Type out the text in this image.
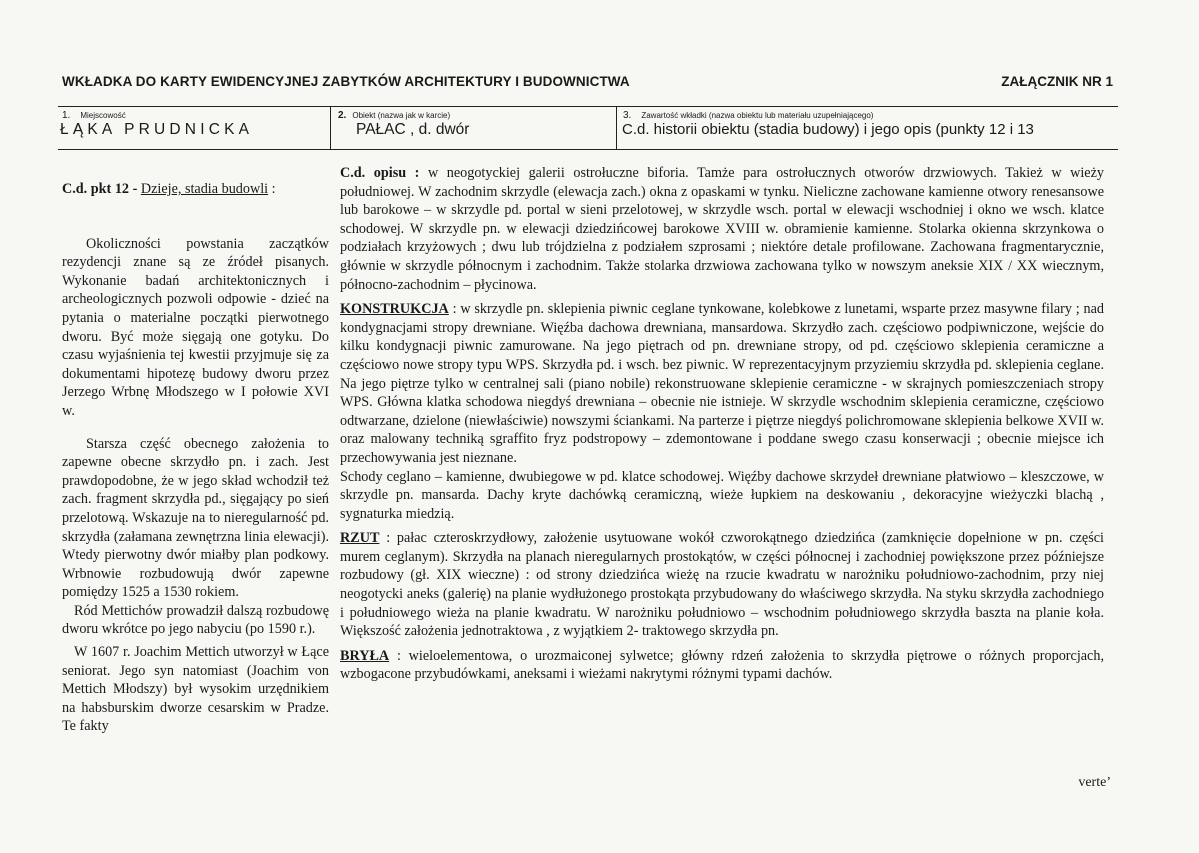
WKŁADKA DO KARTY EWIDENCYJNEJ ZABYTKÓW ARCHITEKTURY I BUDOWNICTWA	ZAŁĄCZNIK NR 1
1. Miejscowość
ŁĄKA PRUDNICKA
2. Obiekt (nazwa jak w karcie)
PAŁAC , d. dwór
3. Zawartość wkładki (nazwa obiektu lub materiału uzupełniającego)
C.d. historii obiektu (stadia budowy) i jego opis (punkty 12 i 13

C.d. pkt 12 - Dzieje, stadia budowli :

Okoliczności powstania zaczątków rezydencji znane są ze źródeł pisanych. Wykonanie badań architektonicznych i archeologicznych pozwoli odpowie - dzieć na pytania o materialne początki pierwotnego dworu. Być może sięgają one gotyku. Do czasu wyjaśnienia tej kwestii przyjmuje się za dokumentami hipotezę budowy dworu przez Jerzego Wrbnę Młodszego w I połowie XVI w.

Starsza część obecnego założenia to zapewne obecne skrzydło pn. i zach. Jest prawdopodobne, że w jego skład wchodził też zach. fragment skrzydła pd., sięgający po sień przelotową. Wskazuje na to nieregularność pd. skrzydła (załamana zewnętrzna linia elewacji). Wtedy pierwotny dwór miałby plan podkowy. Wrbnowie rozbudowują dwór zapewne pomiędzy 1525 a 1530 rokiem.

Ród Mettichów prowadził dalszą rozbudowę dworu wkrótce po jego nabyciu (po 1590 r.).

W 1607 r. Joachim Mettich utworzył w Łące seniorat. Jego syn natomiast (Joachim von Mettich Młodszy) był wysokim urzędnikiem na habsburskim dworze cesarskim w Pradze. Te fakty

C.d. opisu : w neogotyckiej galerii ostrołuczne biforia. Tamże para ostrołucznych otworów drzwiowych. Takież w wieży południowej. W zachodnim skrzydle (elewacja zach.) okna z opaskami w tynku. Nieliczne zachowane kamienne otwory renesansowe lub barokowe – w skrzydle pd. portal w sieni przelotowej, w skrzydle wsch. portal w elewacji wschodniej i okno we wsch. klatce schodowej. W skrzydle pn. w elewacji dziedzińcowej barokowe XVIII w. obramienie kamienne. Stolarka okienna skrzynkowa o podziałach krzyżowych ; dwu lub trójdzielna z podziałem szprosami ; niektóre detale profilowane. Zachowana fragmentarycznie, głównie w skrzydle północnym i zachodnim. Także stolarka drzwiowa zachowana tylko w nowszym aneksie XIX / XX wiecznym, północno-zachodnim – płycinowa.

KONSTRUKCJA : w skrzydle pn. sklepienia piwnic ceglane tynkowane, kolebkowe z lunetami, wsparte przez masywne filary ; nad kondygnacjami stropy drewniane. Więźba dachowa drewniana, mansardowa. Skrzydło zach. częściowo podpiwniczone, wejście do kilku kondygnacji piwnic zamurowane. Na jego piętrach od pn. drewniane stropy, od pd. częściowo sklepienia ceramiczne a częściowo nowe stropy typu WPS. Skrzydła pd. i wsch. bez piwnic. W reprezentacyjnym przyziemiu skrzydła pd. sklepienia ceglane. Na jego piętrze tylko w centralnej sali (piano nobile) rekonstruowane sklepienie ceramiczne - w skrajnych pomieszczeniach stropy WPS. Główna klatka schodowa niegdyś drewniana – obecnie nie istnieje. W skrzydle wschodnim sklepienia ceramiczne, częściowo odtwarzane, dzielone (niewłaściwie) nowszymi ściankami. Na parterze i piętrze niegdyś polichromowane sklepienia belkowe XVII w. oraz malowany techniką sgraffito fryz podstropowy – zdemontowane i poddane swego czasu konserwacji ; obecnie miejsce ich przechowywania jest nieznane.

Schody ceglano – kamienne, dwubiegowe w pd. klatce schodowej. Więźby dachowe skrzydeł drewniane płatwiowo – kleszczowe, w skrzydle pn. mansarda. Dachy kryte dachówką ceramiczną, wieże łupkiem na deskowaniu , dekoracyjne wieżyczki blachą , sygnaturka miedzią.

RZUT : pałac czteroskrzydłowy, założenie usytuowane wokół czworokątnego dziedzińca (zamknięcie dopełnione w pn. części murem ceglanym). Skrzydła na planach nieregularnych prostokątów, w części północnej i zachodniej powiększone przez późniejsze rozbudowy (gł. XIX wieczne) : od strony dziedzińca wieżę na rzucie kwadratu w narożniku południowo-zachodnim, przy niej neogotycki aneks (galerię) na planie wydłużonego prostokąta przybudowany do właściwego skrzydła. Na styku skrzydła zachodniego i południowego wieża na planie kwadratu. W narożniku południowo – wschodnim południowego skrzydła baszta na planie koła. Większość założenia jednotraktowa , z wyjątkiem 2- traktowego skrzydła pn.

BRYŁA : wieloelementowa, o urozmaiconej sylwetce; główny rdzeń założenia to skrzydła piętrowe o różnych proporcjach, wzbogacone przybudówkami, aneksami i wieżami nakrytymi różnymi typami dachów.

verte’
